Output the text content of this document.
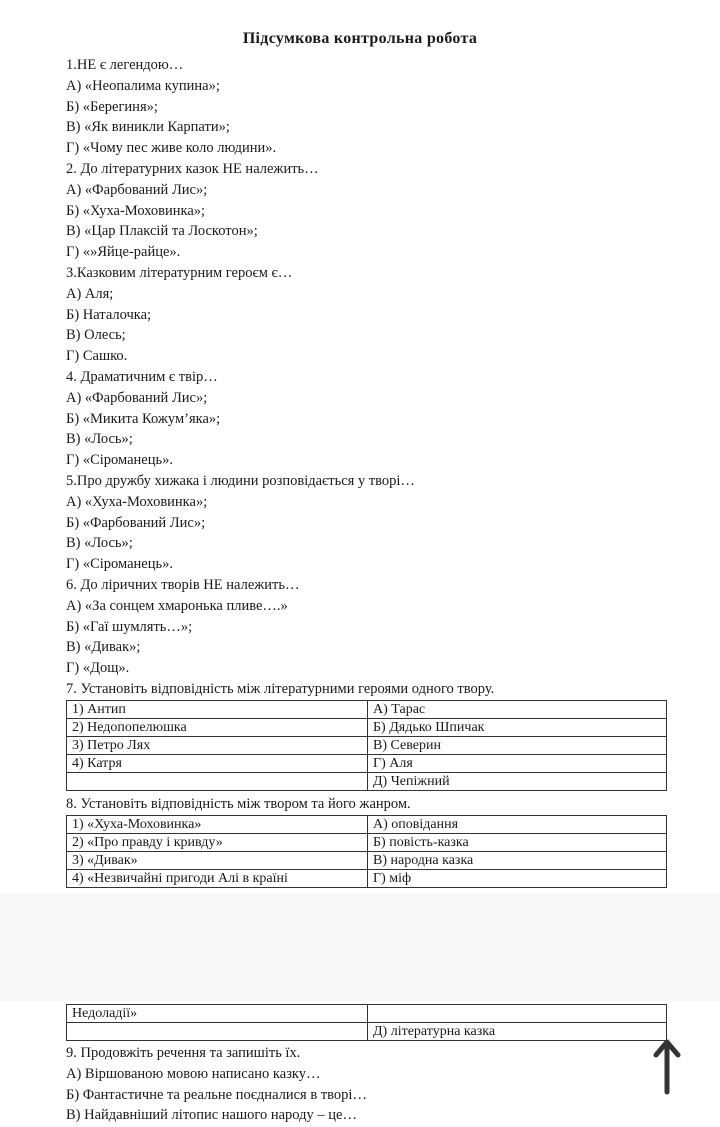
Підсумкова контрольна робота
1.НЕ є легендою…
А) «Неопалима купина»;
Б) «Берегиня»;
В) «Як виникли Карпати»;
Г) «Чому пес живе коло людини».
2. До літературних казок НЕ належить…
А) «Фарбований Лис»;
Б) «Хуха-Моховинка»;
В) «Цар Плаксій та Лоскотон»;
Г) «»Яйце-райце».
3.Казковим літературним героєм є…
А) Аля;
Б) Наталочка;
В) Олесь;
Г) Сашко.
4. Драматичним є твір…
А) «Фарбований Лис»;
Б) «Микита Кожум’яка»;
В) «Лось»;
Г) «Сіроманець».
5.Про дружбу хижака і людини розповідається у творі…
А) «Хуха-Моховинка»;
Б) «Фарбований Лис»;
В) «Лось»;
Г) «Сіроманець».
6. До ліричних творів НЕ належить…
А) «За сонцем хмаронька пливе….»
Б) «Гаї шумлять…»;
В) «Дивак»;
Г) «Дощ».
7. Установіть відповідність між літературними героями одного твору.
1) Антип	А) Тарас
2) Недопопелюшка	Б) Дядько Шпичак
3) Петро Лях	В) Северин
4) Катря	Г) Аля
	Д) Чепіжний
8. Установіть відповідність між твором та його жанром.
1) «Хуха-Моховинка»	А) оповідання
2) «Про правду і кривду»	Б) повість-казка
3) «Дивак»	В) народна казка
4) «Незвичайні пригоди Алі в країні	Г) міф
Недоладії»	
	Д) літературна казка
9. Продовжіть речення та запишіть їх.
А) Віршованою мовою написано казку…
Б) Фантастичне та реальне поєдналися в творі…
В) Найдавніший літопис нашого народу – це…
